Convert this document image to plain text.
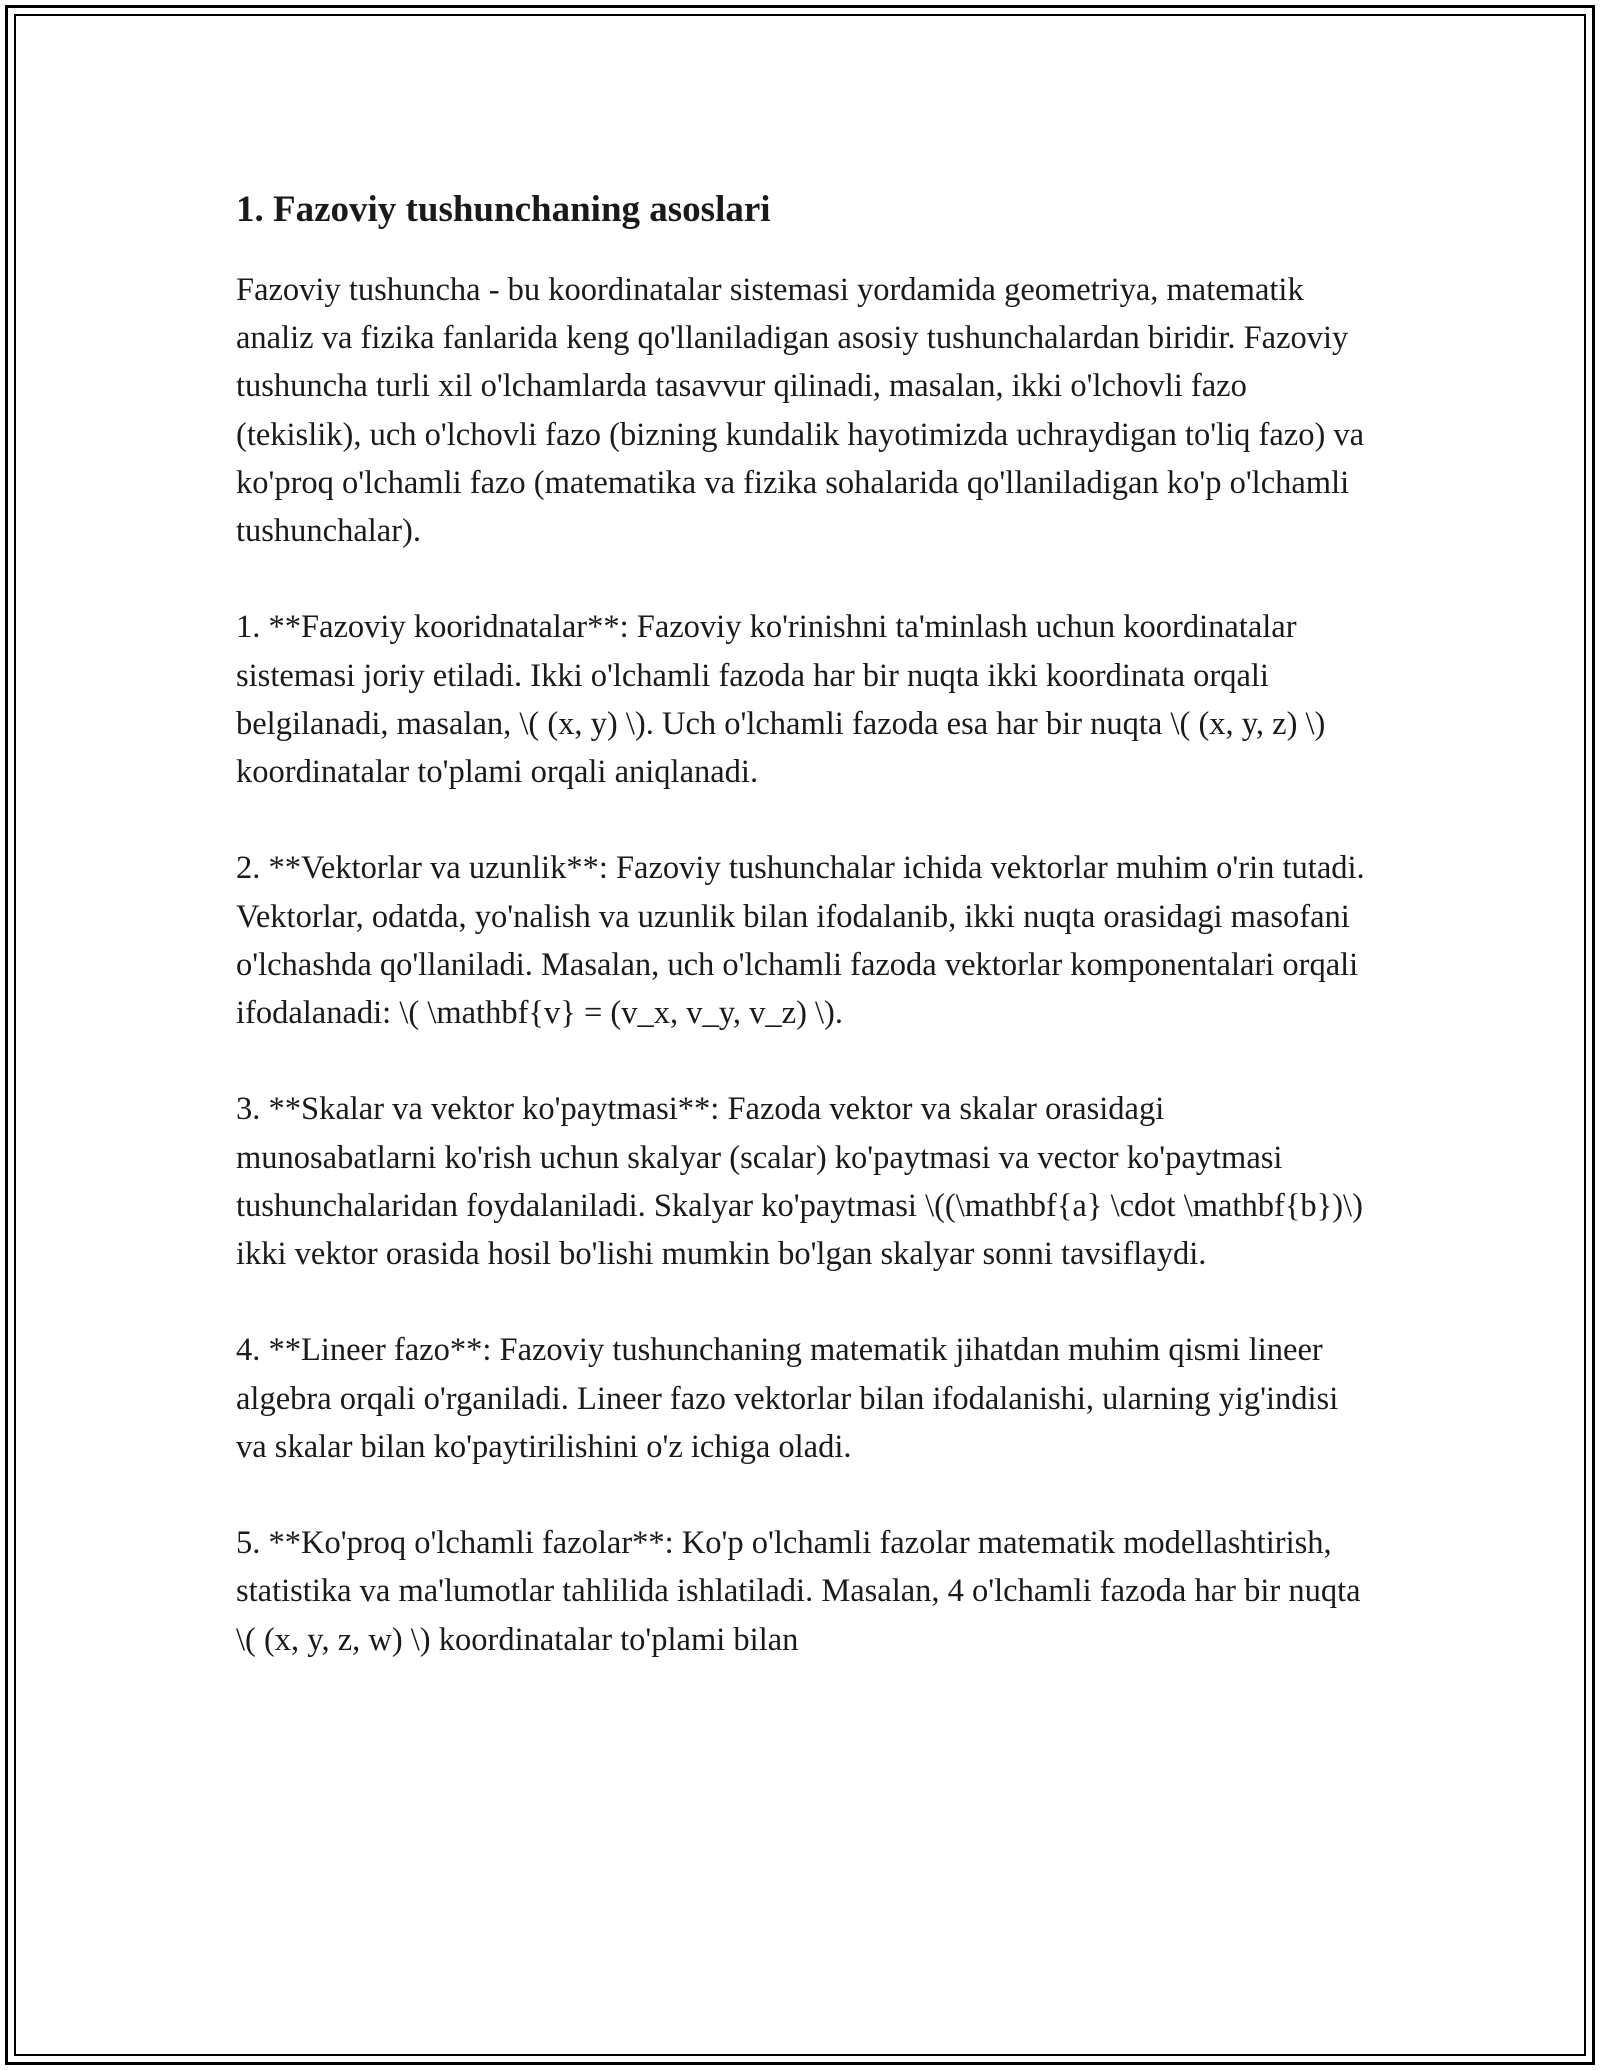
1. Fazoviy tushunchaning asoslari

Fazoviy tushuncha - bu koordinatalar sistemasi yordamida geometriya, matematik analiz va fizika fanlarida keng qo'llaniladigan asosiy tushunchalardan biridir. Fazoviy tushuncha turli xil o'lchamlarda tasavvur qilinadi, masalan, ikki o'lchovli fazo (tekislik), uch o'lchovli fazo (bizning kundalik hayotimizda uchraydigan to'liq fazo) va ko'proq o'lchamli fazo (matematika va fizika sohalarida qo'llaniladigan ko'p o'lchamli tushunchalar).

1. **Fazoviy kooridnatalar**: Fazoviy ko'rinishni ta'minlash uchun koordinatalar sistemasi joriy etiladi. Ikki o'lchamli fazoda har bir nuqta ikki koordinata orqali belgilanadi, masalan, \( (x, y) \). Uch o'lchamli fazoda esa har bir nuqta \( (x, y, z) \) koordinatalar to'plami orqali aniqlanadi.

2. **Vektorlar va uzunlik**: Fazoviy tushunchalar ichida vektorlar muhim o'rin tutadi. Vektorlar, odatda, yo'nalish va uzunlik bilan ifodalanib, ikki nuqta orasidagi masofani o'lchashda qo'llaniladi. Masalan, uch o'lchamli fazoda vektorlar komponentalari orqali ifodalanadi: \( \mathbf{v} = (v_x, v_y, v_z) \).

3. **Skalar va vektor ko'paytmasi**: Fazoda vektor va skalar orasidagi munosabatlarni ko'rish uchun skalyar (scalar) ko'paytmasi va vector ko'paytmasi tushunchalaridan foydalaniladi. Skalyar ko'paytmasi \((\mathbf{a} \cdot \mathbf{b})\) ikki vektor orasida hosil bo'lishi mumkin bo'lgan skalyar sonni tavsiflaydi.

4. **Lineer fazo**: Fazoviy tushunchaning matematik jihatdan muhim qismi lineer algebra orqali o'rganiladi. Lineer fazo vektorlar bilan ifodalanishi, ularning yig'indisi va skalar bilan ko'paytirilishini o'z ichiga oladi.

5. **Ko'proq o'lchamli fazolar**: Ko'p o'lchamli fazolar matematik modellashtirish, statistika va ma'lumotlar tahlilida ishlatiladi. Masalan, 4 o'lchamli fazoda har bir nuqta \( (x, y, z, w) \) koordinatalar to'plami bilan
